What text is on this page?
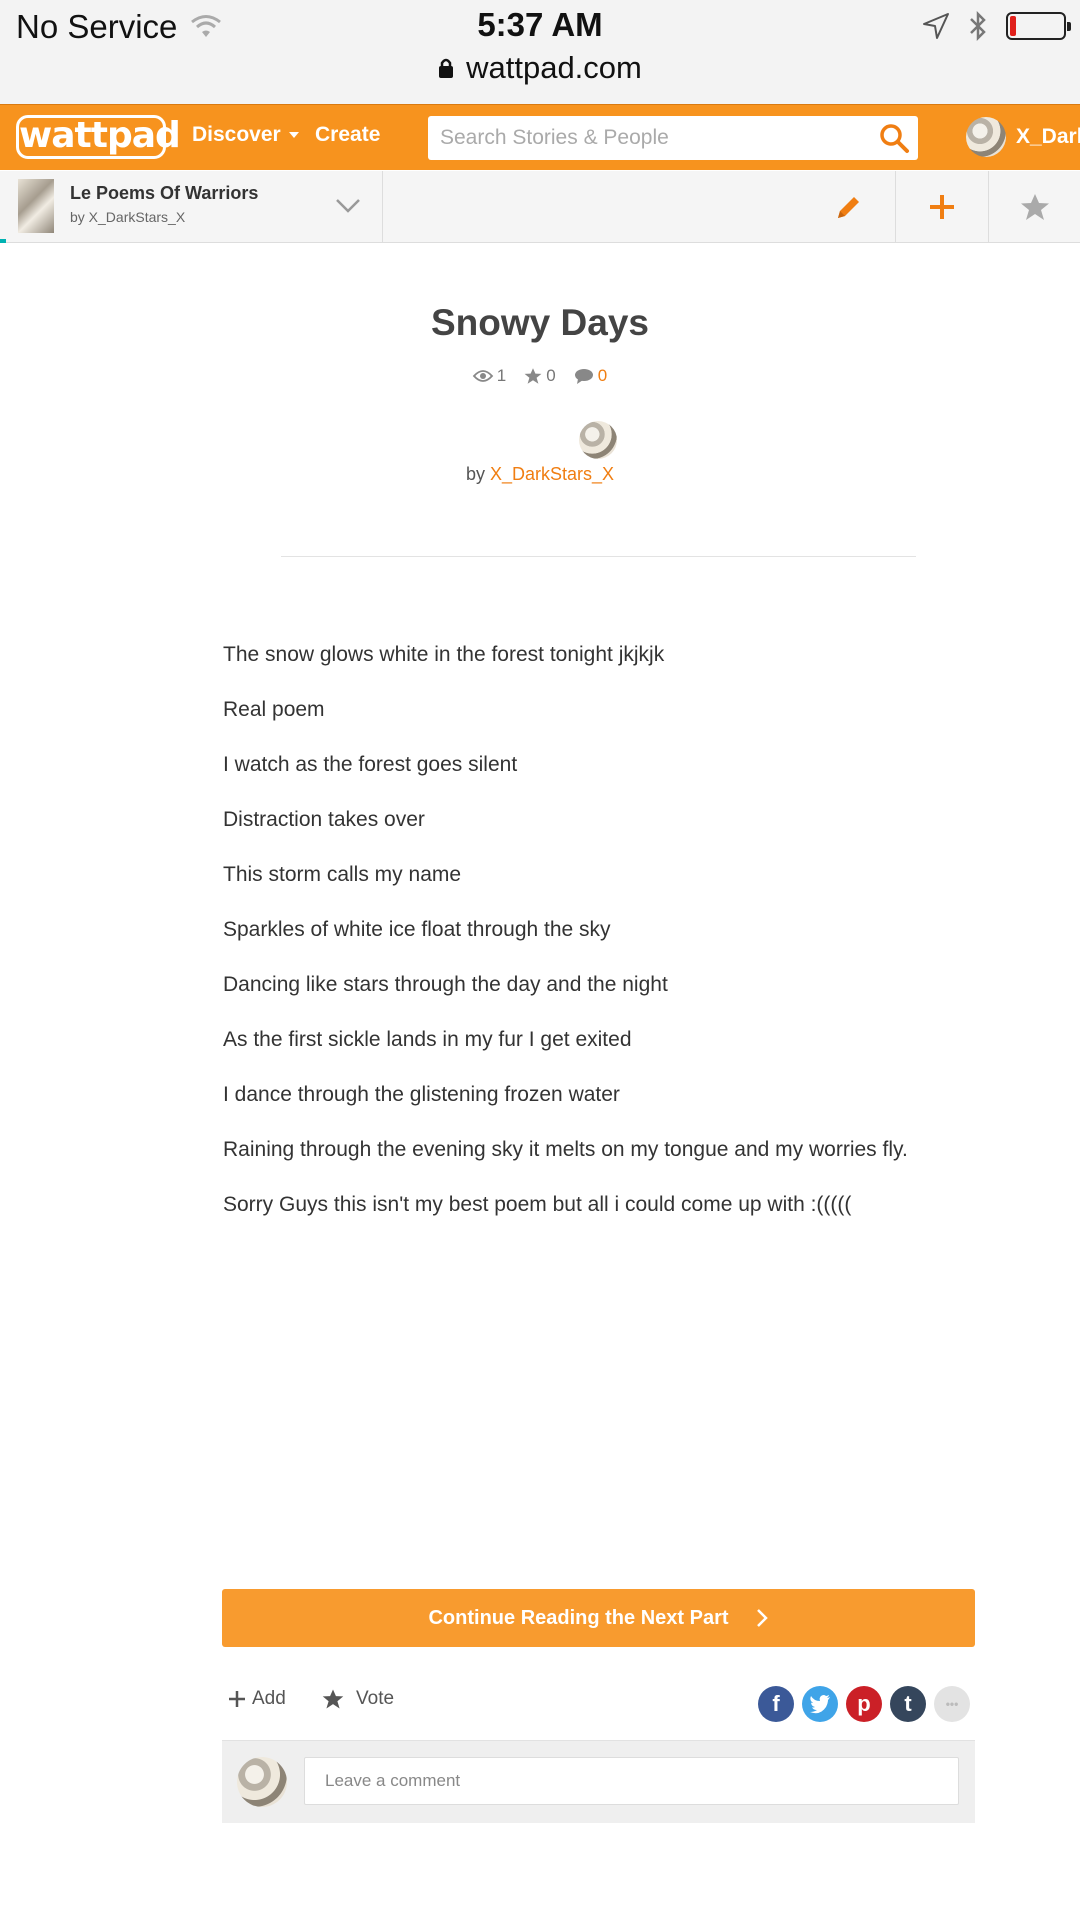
No Service	5:37 AM
wattpad.com
wattpad Discover Create
Search Stories & People	X_Dark
Le Poems Of Warriors
by X_DarkStars_X
Snowy Days
1 0 0
by X_DarkStars_X

The snow glows white in the forest tonight jkjkjk

Real poem

I watch as the forest goes silent

Distraction takes over

This storm calls my name

Sparkles of white ice float through the sky

Dancing like stars through the day and the night

As the first sickle lands in my fur I get exited

I dance through the glistening frozen water

Raining through the evening sky it melts on my tongue and my worries fly.

Sorry Guys this isn't my best poem but all i could come up with :(((((

Continue Reading the Next Part
Add	Vote	f	p t	•••
Leave a comment
